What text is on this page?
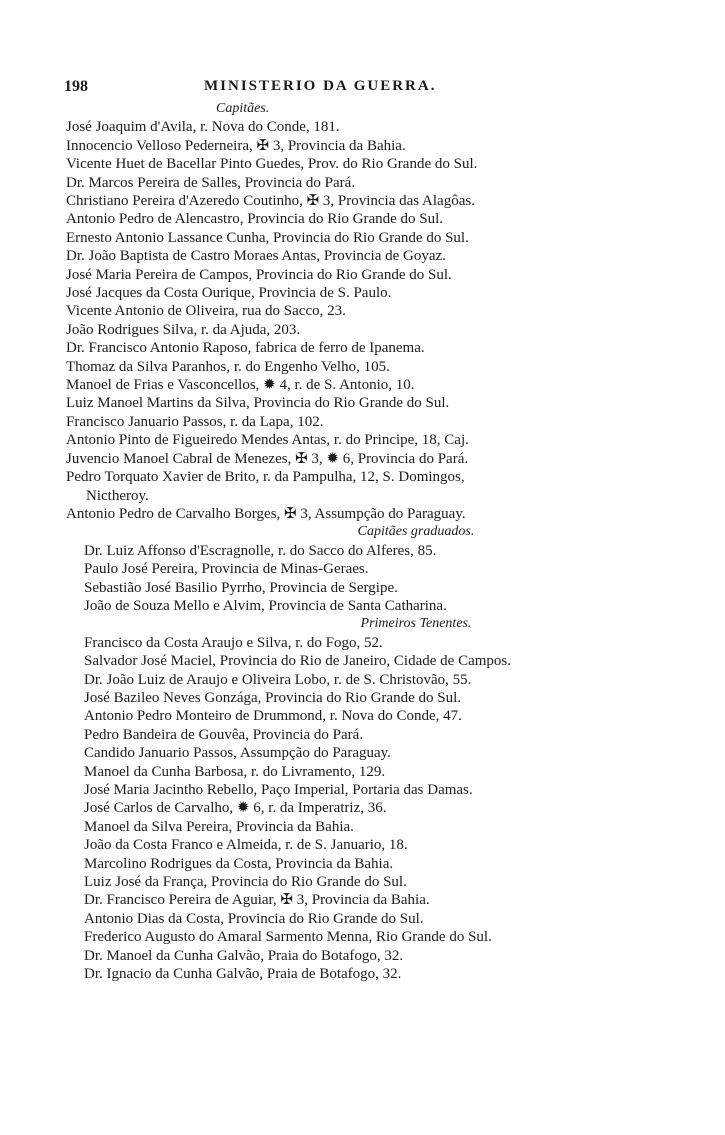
198	MINISTERIO DA GUERRA.
Capitães.
José Joaquim d'Avila, r. Nova do Conde, 181.
Innocencio Velloso Pederneira, ✠ 3, Provincia da Bahia.
Vicente Huet de Bacellar Pinto Guedes, Prov. do Rio Grande do Sul.
Dr. Marcos Pereira de Salles, Provincia do Pará.
Christiano Pereira d'Azeredo Coutinho, ✠ 3, Provincia das Alagôas.
Antonio Pedro de Alencastro, Provincia do Rio Grande do Sul.
Ernesto Antonio Lassance Cunha, Provincia do Rio Grande do Sul.
Dr. João Baptista de Castro Moraes Antas, Provincia de Goyaz.
José Maria Pereira de Campos, Provincia do Rio Grande do Sul.
José Jacques da Costa Ourique, Provincia de S. Paulo.
Vicente Antonio de Oliveira, rua do Sacco, 23.
João Rodrigues Silva, r. da Ajuda, 203.
Dr. Francisco Antonio Raposo, fabrica de ferro de Ipanema.
Thomaz da Silva Paranhos, r. do Engenho Velho, 105.
Manoel de Frias e Vasconcellos, ✹ 4, r. de S. Antonio, 10.
Luiz Manoel Martins da Silva, Provincia do Rio Grande do Sul.
Francisco Januario Passos, r. da Lapa, 102.
Antonio Pinto de Figueiredo Mendes Antas, r. do Principe, 18, Caj.
Juvencio Manoel Cabral de Menezes, ✠ 3, ✹ 6, Provincia do Pará.
Pedro Torquato Xavier de Brito, r. da Pampulha, 12, S. Domingos,
Nictheroy.
Antonio Pedro de Carvalho Borges, ✠ 3, Assumpção do Paraguay.
Capitães graduados.
Dr. Luiz Affonso d'Escragnolle, r. do Sacco do Alferes, 85.
Paulo José Pereira, Provincia de Minas-Geraes.
Sebastião José Basilio Pyrrho, Provincia de Sergipe.
João de Souza Mello e Alvim, Provincia de Santa Catharina.
Primeiros Tenentes.
Francisco da Costa Araujo e Silva, r. do Fogo, 52.
Salvador José Maciel, Provincia do Rio de Janeiro, Cidade de Campos.
Dr. João Luiz de Araujo e Oliveira Lobo, r. de S. Christovão, 55.
José Bazileo Neves Gonzága, Provincia do Rio Grande do Sul.
Antonio Pedro Monteiro de Drummond, r. Nova do Conde, 47.
Pedro Bandeira de Gouvêa, Provincia do Pará.
Candido Januario Passos, Assumpção do Paraguay.
Manoel da Cunha Barbosa, r. do Livramento, 129.
José Maria Jacintho Rebello, Paço Imperial, Portaria das Damas.
José Carlos de Carvalho, ✹ 6, r. da Imperatriz, 36.
Manoel da Silva Pereira, Provincia da Bahia.
João da Costa Franco e Almeida, r. de S. Januario, 18.
Marcolino Rodrigues da Costa, Provincia da Bahia.
Luiz José da França, Provincia do Rio Grande do Sul.
Dr. Francisco Pereira de Aguiar, ✠ 3, Provincia da Bahia.
Antonio Dias da Costa, Provincia do Rio Grande do Sul.
Frederico Augusto do Amaral Sarmento Menna, Rio Grande do Sul.
Dr. Manoel da Cunha Galvão, Praia do Botafogo, 32.
Dr. Ignacio da Cunha Galvão, Praia de Botafogo, 32.
